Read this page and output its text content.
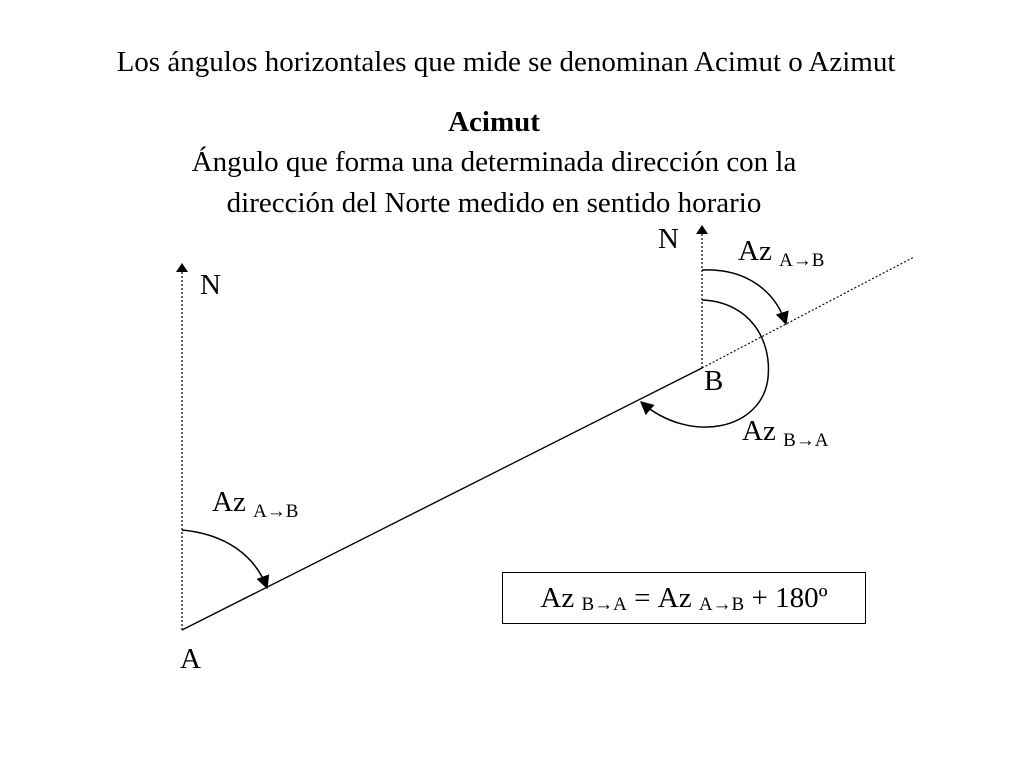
Los ángulos horizontales que mide se denominan Acimut o Azimut
Acimut
Ángulo que forma una determinada dirección con la
dirección del Norte medido en sentido horario
N
N
A
B
Az $_{A\to B}$
Az $_{B\to A}$
Az $_{A\to B}$
Az
$_{B\to A}$
=
Az
$_{A\to B}$
+ 180º
